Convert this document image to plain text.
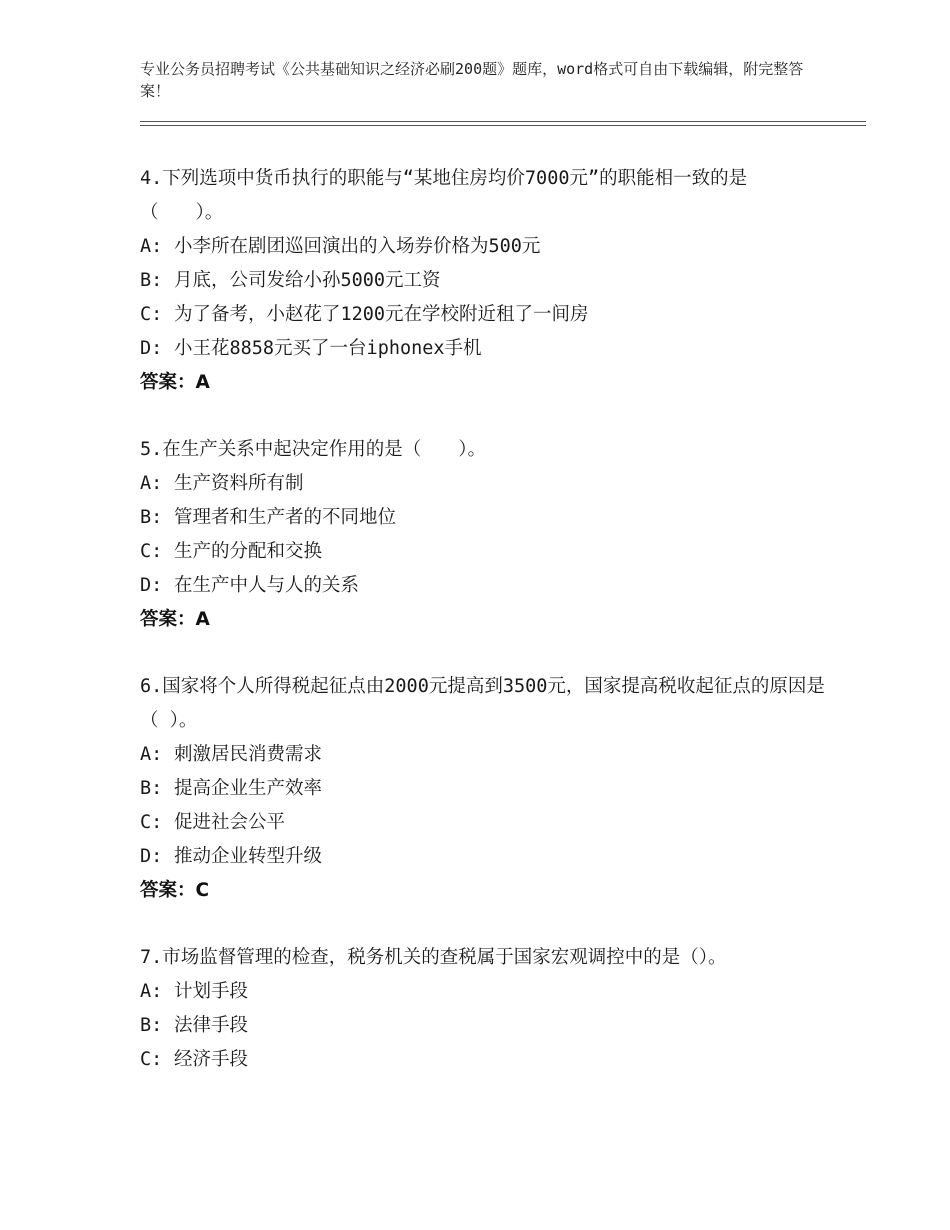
专业公务员招聘考试《公共基础知识之经济必刷200题》题库，word格式可自由下载编辑，附完整答案！
4.下列选项中货币执行的职能与“某地住房均价7000元”的职能相一致的是（　　）。
A: 小李所在剧团巡回演出的入场券价格为500元
B: 月底，公司发给小孙5000元工资
C: 为了备考，小赵花了1200元在学校附近租了一间房
D: 小王花8858元买了一台iphonex手机
答案：A
5.在生产关系中起决定作用的是（　　）。
A: 生产资料所有制
B: 管理者和生产者的不同地位
C: 生产的分配和交换
D: 在生产中人与人的关系
答案：A
6.国家将个人所得税起征点由2000元提高到3500元，国家提高税收起征点的原因是（ ）。
A: 刺激居民消费需求
B: 提高企业生产效率
C: 促进社会公平
D: 推动企业转型升级
答案：C
7.市场监督管理的检查，税务机关的查税属于国家宏观调控中的是（）。
A: 计划手段
B: 法律手段
C: 经济手段
